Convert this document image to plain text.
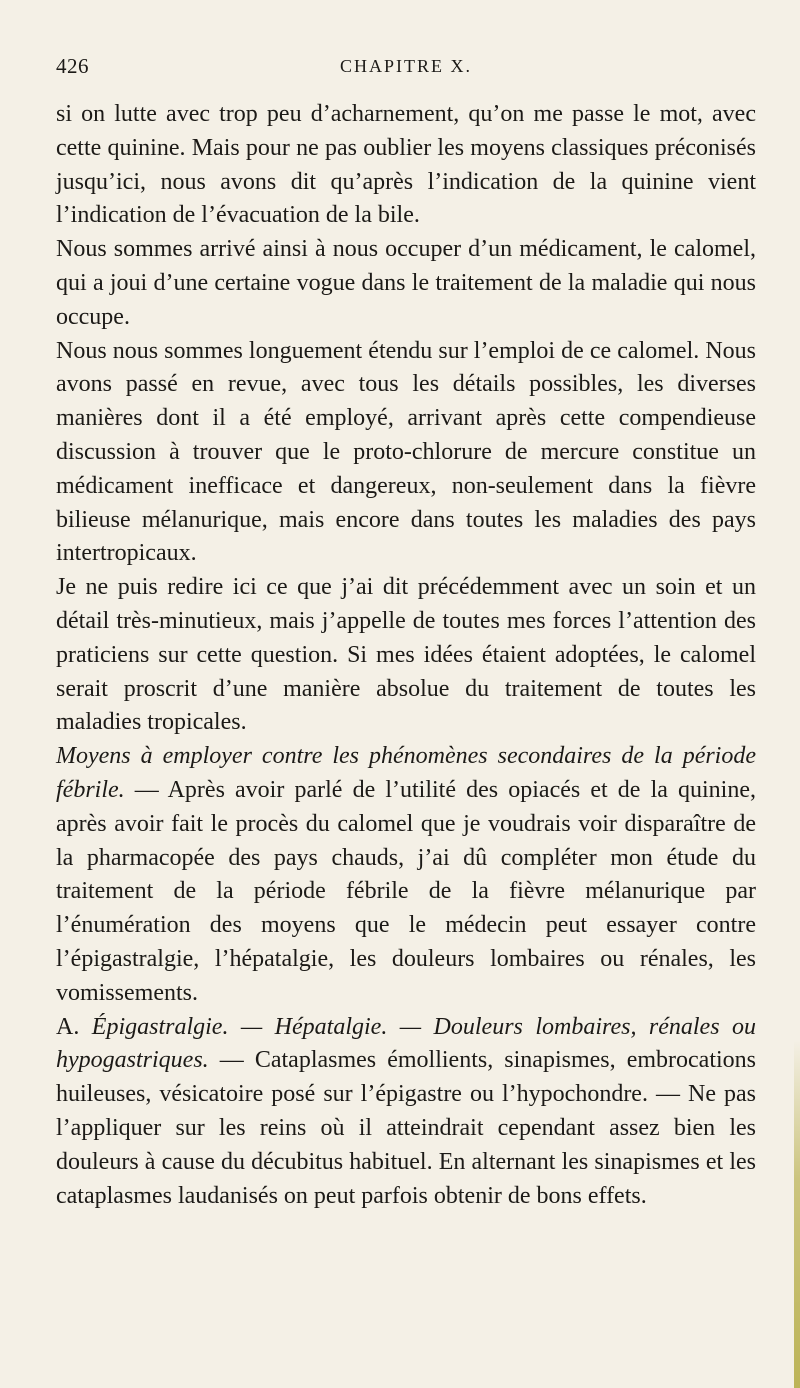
426	CHAPITRE X.

si on lutte avec trop peu d’acharnement, qu’on me passe le mot, avec cette quinine. Mais pour ne pas oublier les moyens classiques préconisés jusqu’ici, nous avons dit qu’après l’indication de la quinine vient l’indication de l’évacuation de la bile.

Nous sommes arrivé ainsi à nous occuper d’un médicament, le calomel, qui a joui d’une certaine vogue dans le traitement de la maladie qui nous occupe.

Nous nous sommes longuement étendu sur l’emploi de ce calomel. Nous avons passé en revue, avec tous les détails possibles, les diverses manières dont il a été employé, arrivant après cette compendieuse discussion à trouver que le proto-chlorure de mercure constitue un médicament inefficace et dangereux, non-seulement dans la fièvre bilieuse mélanurique, mais encore dans toutes les maladies des pays intertropicaux.

Je ne puis redire ici ce que j’ai dit précédemment avec un soin et un détail très-minutieux, mais j’appelle de toutes mes forces l’attention des praticiens sur cette question. Si mes idées étaient adoptées, le calomel serait proscrit d’une manière absolue du traitement de toutes les maladies tropicales.

Moyens à employer contre les phénomènes secondaires de la période fébrile. — Après avoir parlé de l’utilité des opiacés et de la quinine, après avoir fait le procès du calomel que je voudrais voir disparaître de la pharmacopée des pays chauds, j’ai dû compléter mon étude du traitement de la période fébrile de la fièvre mélanurique par l’énumération des moyens que le médecin peut essayer contre l’épigastralgie, l’hépatalgie, les douleurs lombaires ou rénales, les vomissements.

A. Épigastralgie. — Hépatalgie. — Douleurs lombaires, rénales ou hypogastriques. — Cataplasmes émollients, sinapismes, embrocations huileuses, vésicatoire posé sur l’épigastre ou l’hypochondre. — Ne pas l’appliquer sur les reins où il atteindrait cependant assez bien les douleurs à cause du décubitus habituel. En alternant les sinapismes et les cataplasmes laudanisés on peut parfois obtenir de bons effets.
